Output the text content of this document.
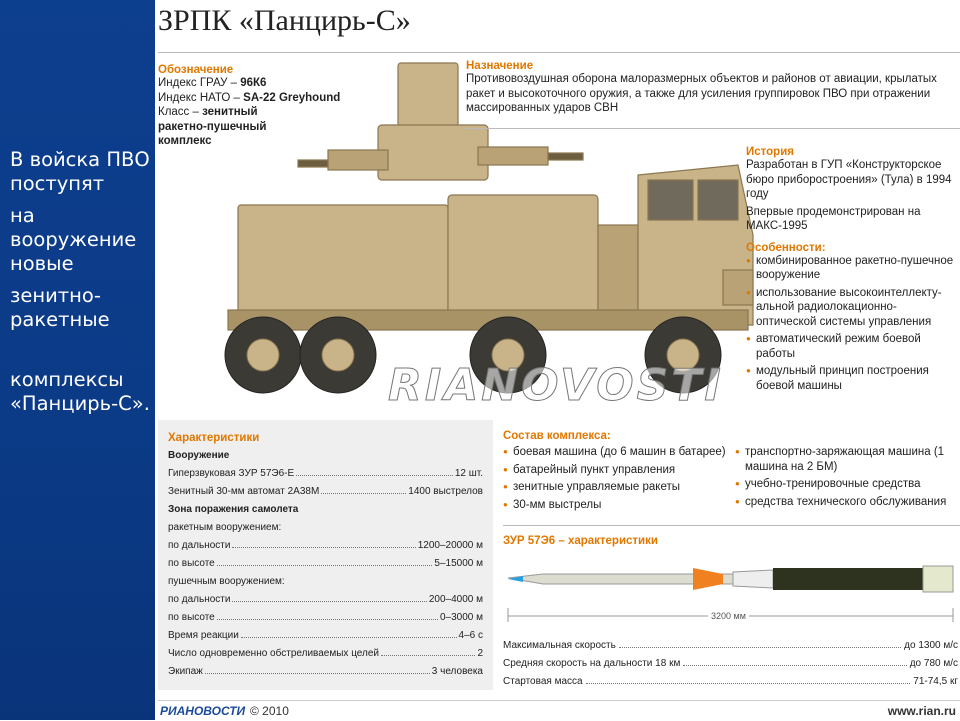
В войска ПВО поступят

на вооружение новые

зенитно-ракетные

комплексы «Панцирь-С».

ЗРПК «Панцирь-С»
RIANOVOSTI
Обозначение
Индекс ГРАУ – 96К6
Индекс НАТО – SA-22 Greyhound
Класс – зенитный ракетно-пушечный комплекс
Назначение
Противовоздушная оборона малоразмерных объектов и районов от авиации, крылатых ракет и высокоточного оружия, а также для усиления группировок ПВО при отражении массированных ударов СВН
История
Разработан в ГУП «Конструкторское бюро приборостроения» (Тула) в 1994 году
Впервые продемонстрирован на МАКС-1995
Особенности:
● комбинированное ракетно-пушечное вооружение
● использование высокоинтеллекту-альной радиолокационно-оптической системы управления
● автоматический режим боевой работы
● модульный принцип построения боевой машины
Характеристики
Вооружение
Гиперзвуковая ЗУР 57Э6-Е	12 шт.
Зенитный 30-мм автомат 2А38М	1400 выстрелов
Зона поражения самолета
ракетным вооружением:
по дальности	1200–20000 м
по высоте	5–15000 м
пушечным вооружением:
по дальности	200–4000 м
по высоте	0–3000 м
Время реакции	4–6 с
Число одновременно обстреливаемых целей	2
Экипаж	3 человека
Состав комплекса:
● боевая машина (до 6 машин в батарее)
● батарейный пункт управления
● зенитные управляемые ракеты
● 30-мм выстрелы
● транспортно-заряжающая машина (1 машина на 2 БМ)
● учебно-тренировочные средства
● средства технического обслуживания
ЗУР 57Э6 – характеристики
3200 мм
Максимальная скорость	до 1300 м/с
Средняя скорость на дальности 18 км	до 780 м/с
Стартовая масса	71-74,5 кг
РИАНОВОСТИ © 2010	www.rian.ru
